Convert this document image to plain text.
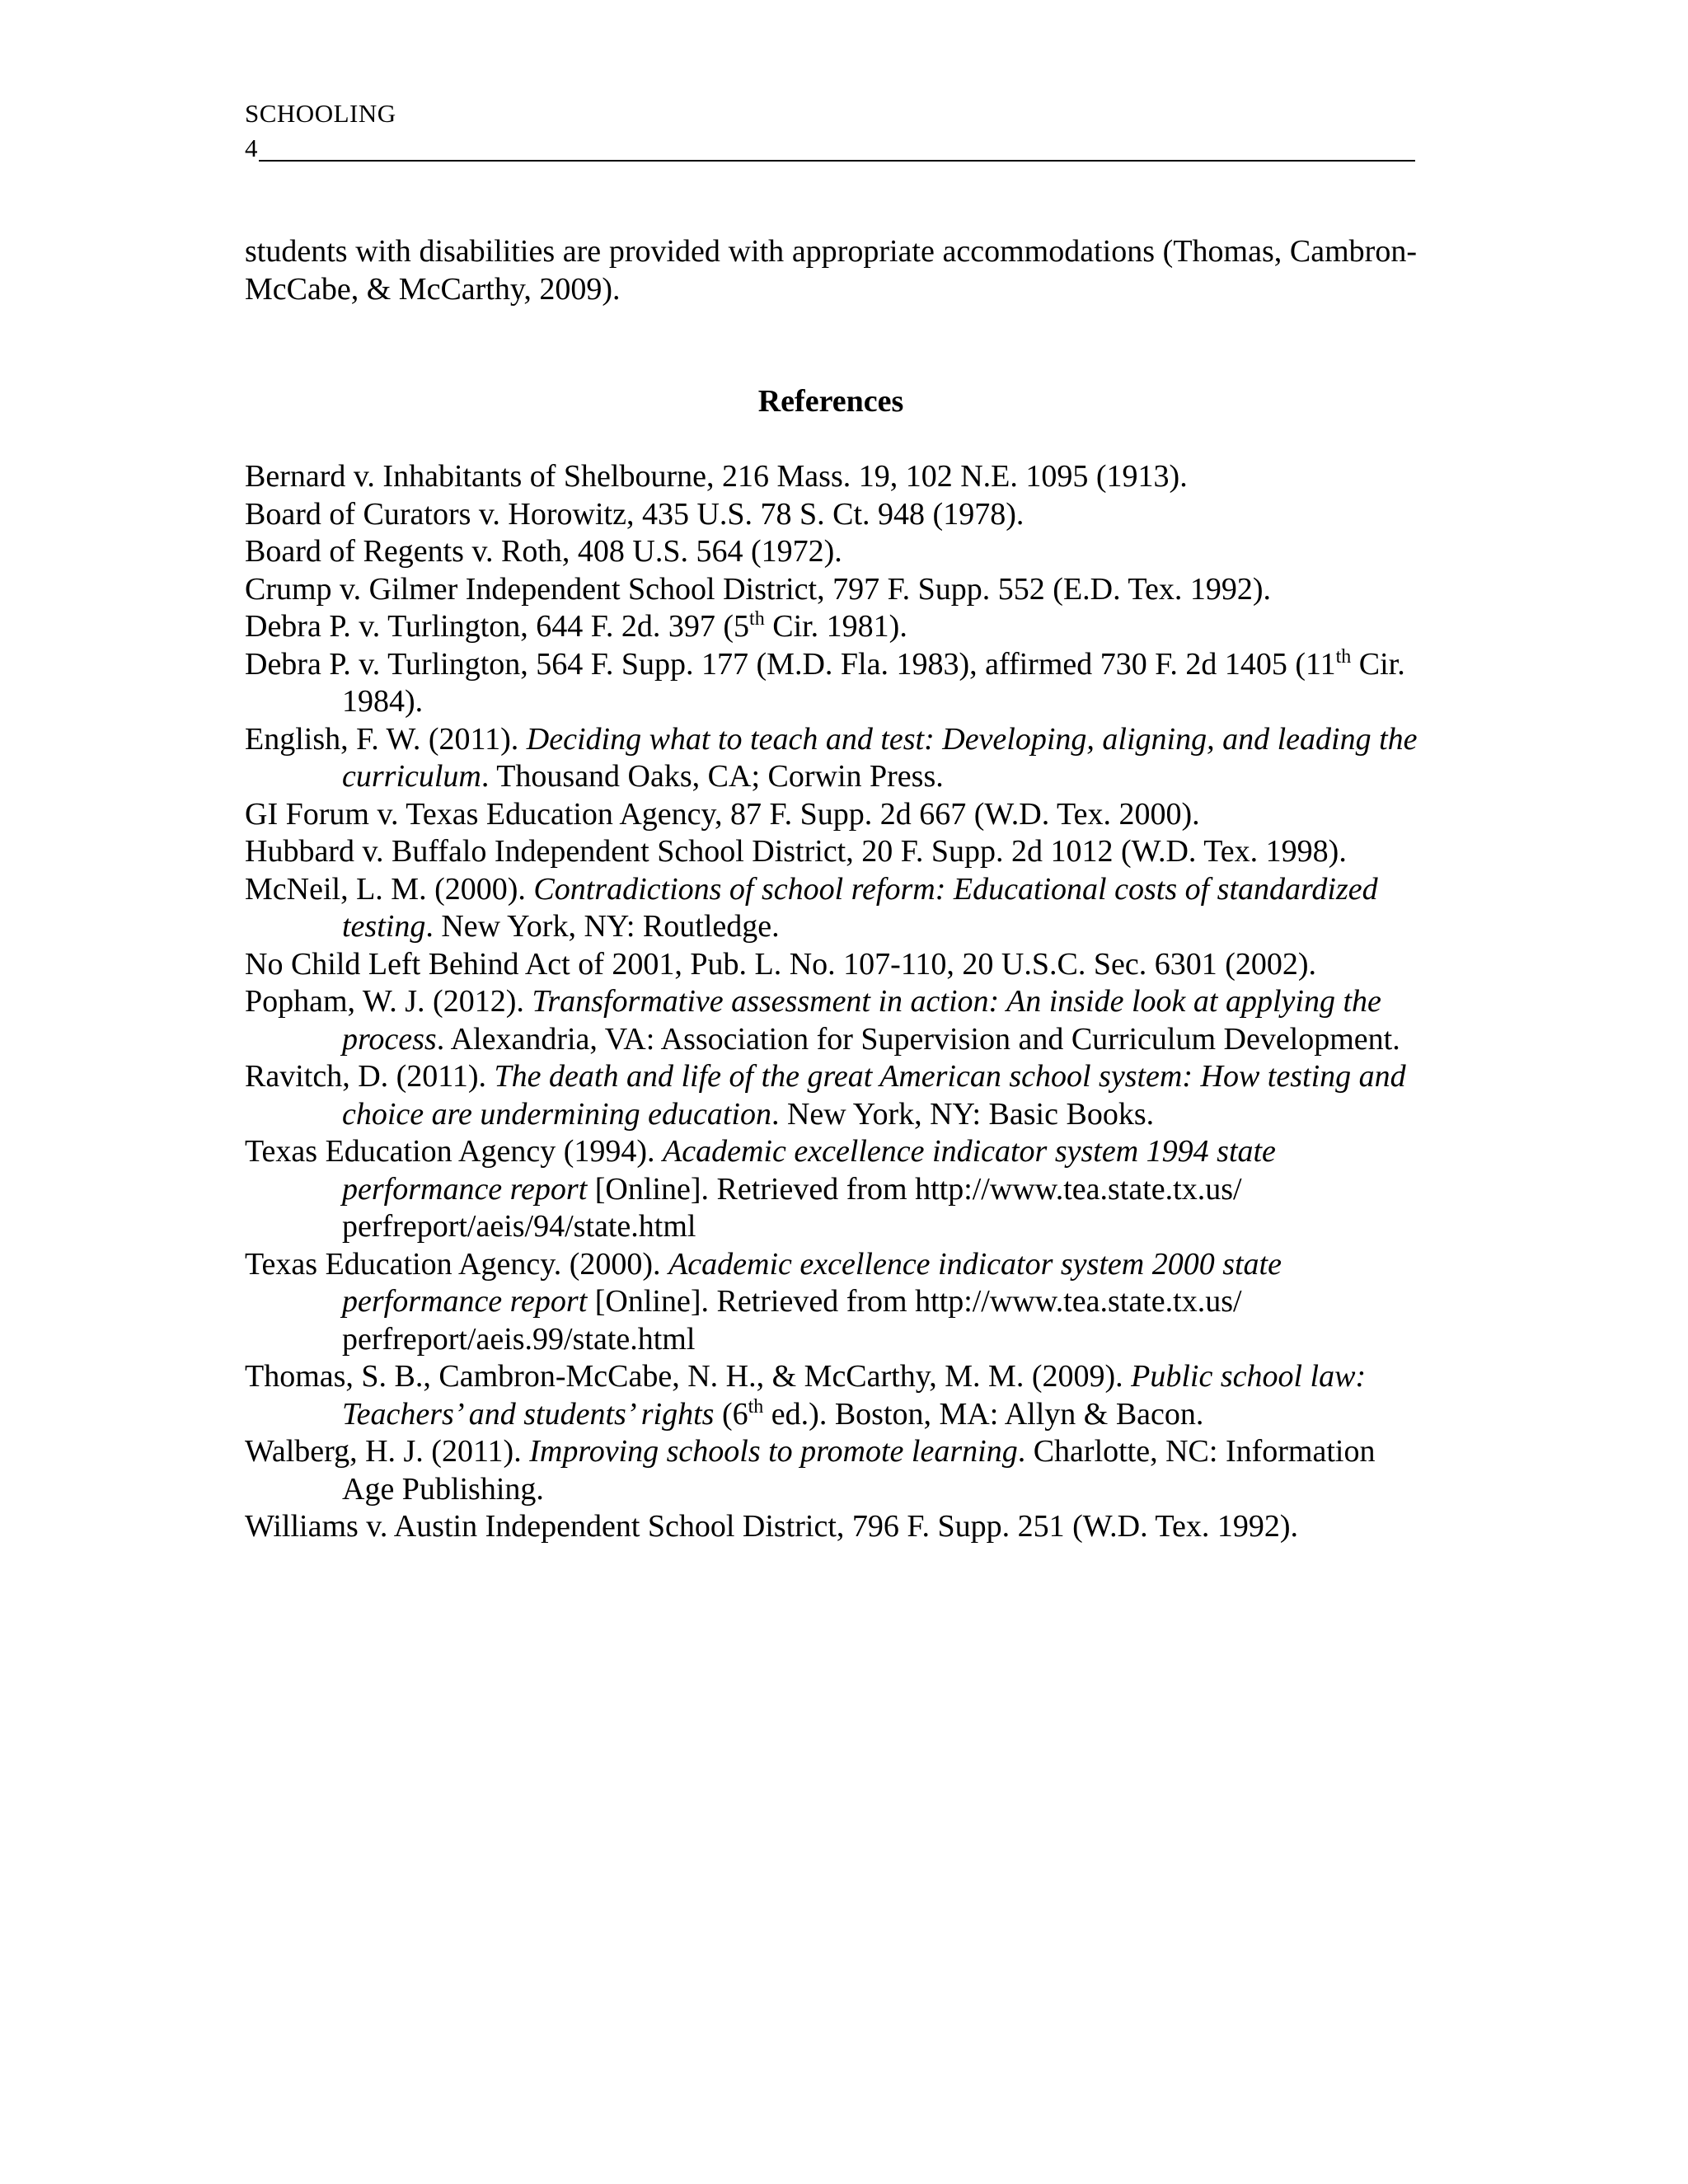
SCHOOLING
4
students with disabilities are provided with appropriate accommodations (Thomas, Cambron-McCabe, & McCarthy, 2009).
References

Bernard v. Inhabitants of Shelbourne, 216 Mass. 19, 102 N.E. 1095 (1913).

Board of Curators v. Horowitz, 435 U.S. 78 S. Ct. 948 (1978).

Board of Regents v. Roth, 408 U.S. 564 (1972).

Crump v. Gilmer Independent School District, 797 F. Supp. 552 (E.D. Tex. 1992).

Debra P. v. Turlington, 644 F. 2d. 397 (5th Cir. 1981).

Debra P. v. Turlington, 564 F. Supp. 177 (M.D. Fla. 1983), affirmed 730 F. 2d 1405 (11th Cir. 1984).

English, F. W. (2011). Deciding what to teach and test: Developing, aligning, and leading the curriculum. Thousand Oaks, CA; Corwin Press.

GI Forum v. Texas Education Agency, 87 F. Supp. 2d 667 (W.D. Tex. 2000).

Hubbard v. Buffalo Independent School District, 20 F. Supp. 2d 1012 (W.D. Tex. 1998).

McNeil, L. M. (2000). Contradictions of school reform: Educational costs of standardized testing. New York, NY: Routledge.

No Child Left Behind Act of 2001, Pub. L. No. 107-110, 20 U.S.C. Sec. 6301 (2002).

Popham, W. J. (2012). Transformative assessment in action: An inside look at applying the process. Alexandria, VA: Association for Supervision and Curriculum Development.

Ravitch, D. (2011). The death and life of the great American school system: How testing and choice are undermining education. New York, NY: Basic Books.

Texas Education Agency (1994). Academic excellence indicator system 1994 state performance report [Online]. Retrieved from http://www.tea.state.tx.us/ perfreport/aeis/94/state.html

Texas Education Agency. (2000). Academic excellence indicator system 2000 state performance report [Online]. Retrieved from http://www.tea.state.tx.us/ perfreport/aeis.99/state.html

Thomas, S. B., Cambron-McCabe, N. H., & McCarthy, M. M. (2009). Public school law: Teachers’ and students’ rights (6th ed.). Boston, MA: Allyn & Bacon.

Walberg, H. J. (2011). Improving schools to promote learning. Charlotte, NC: Information Age Publishing.

Williams v. Austin Independent School District, 796 F. Supp. 251 (W.D. Tex. 1992).
